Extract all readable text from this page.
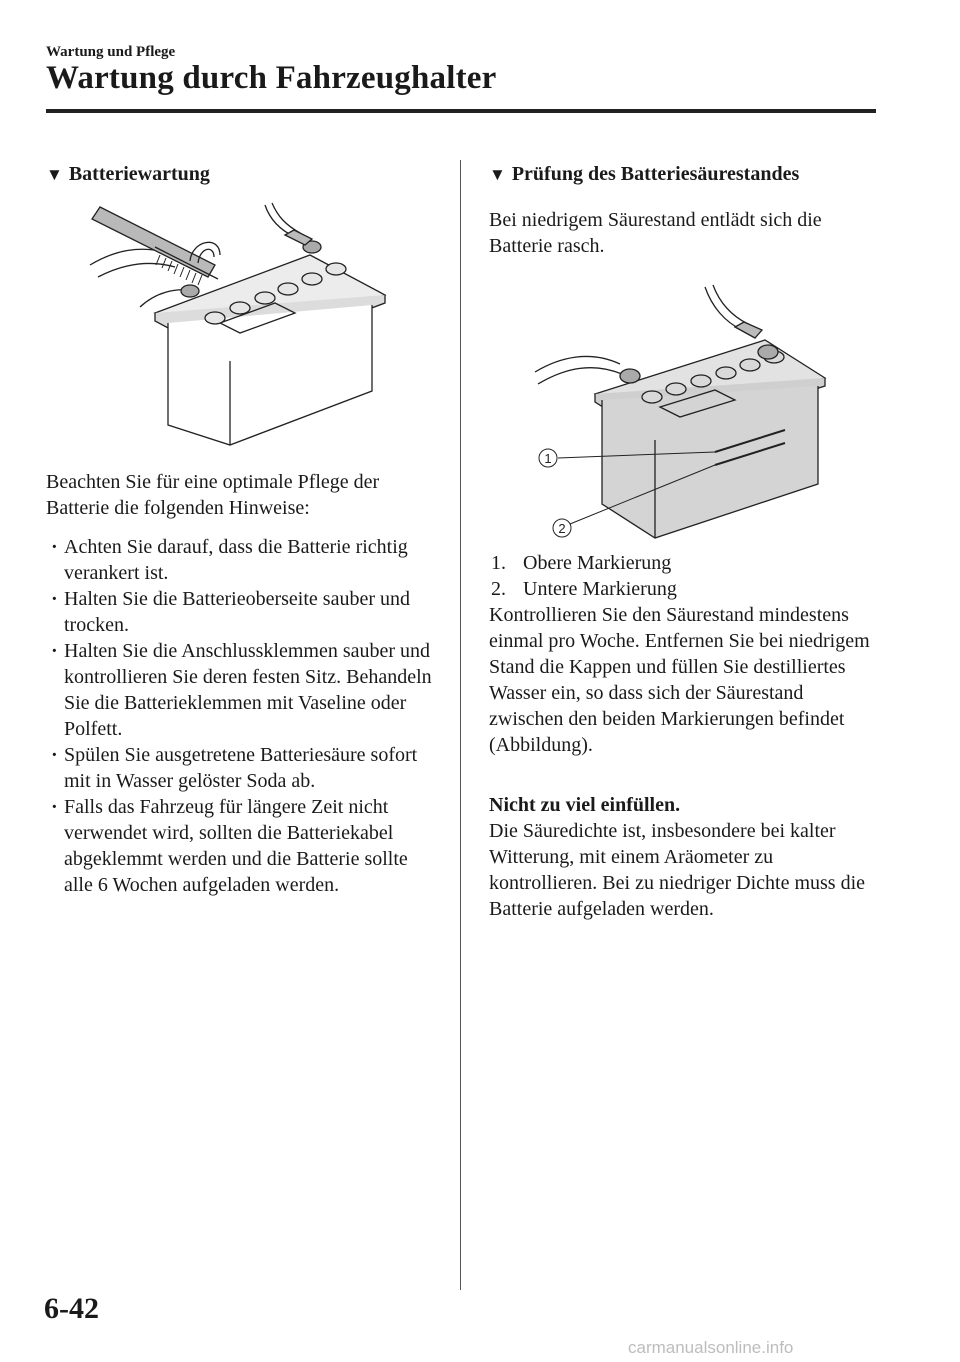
Wartung und Pflege
Wartung durch Fahrzeughalter
▼ Batteriewartung
Beachten Sie für eine optimale Pflege der Batterie die folgenden Hinweise:
· Achten Sie darauf, dass die Batterie richtig verankert ist.
· Halten Sie die Batterieoberseite sauber und trocken.
· Halten Sie die Anschlussklemmen sauber und kontrollieren Sie deren festen Sitz. Behandeln Sie die Batterieklemmen mit Vaseline oder Polfett.
· Spülen Sie ausgetretene Batteriesäure sofort mit in Wasser gelöster Soda ab.
· Falls das Fahrzeug für längere Zeit nicht verwendet wird, sollten die Batteriekabel abgeklemmt werden und die Batterie sollte alle 6 Wochen aufgeladen werden.
▼ Prüfung des Batteriesäurestandes
Bei niedrigem Säurestand entlädt sich die Batterie rasch.
1
2
1. Obere Markierung
2. Untere Markierung
Kontrollieren Sie den Säurestand mindestens einmal pro Woche. Entfernen Sie bei niedrigem Stand die Kappen und füllen Sie destilliertes Wasser ein, so dass sich der Säurestand zwischen den beiden Markierungen befindet (Abbildung).
Nicht zu viel einfüllen.
Die Säuredichte ist, insbesondere bei kalter Witterung, mit einem Aräometer zu kontrollieren. Bei zu niedriger Dichte muss die Batterie aufgeladen werden.
6-42
carmanualsonline.info
